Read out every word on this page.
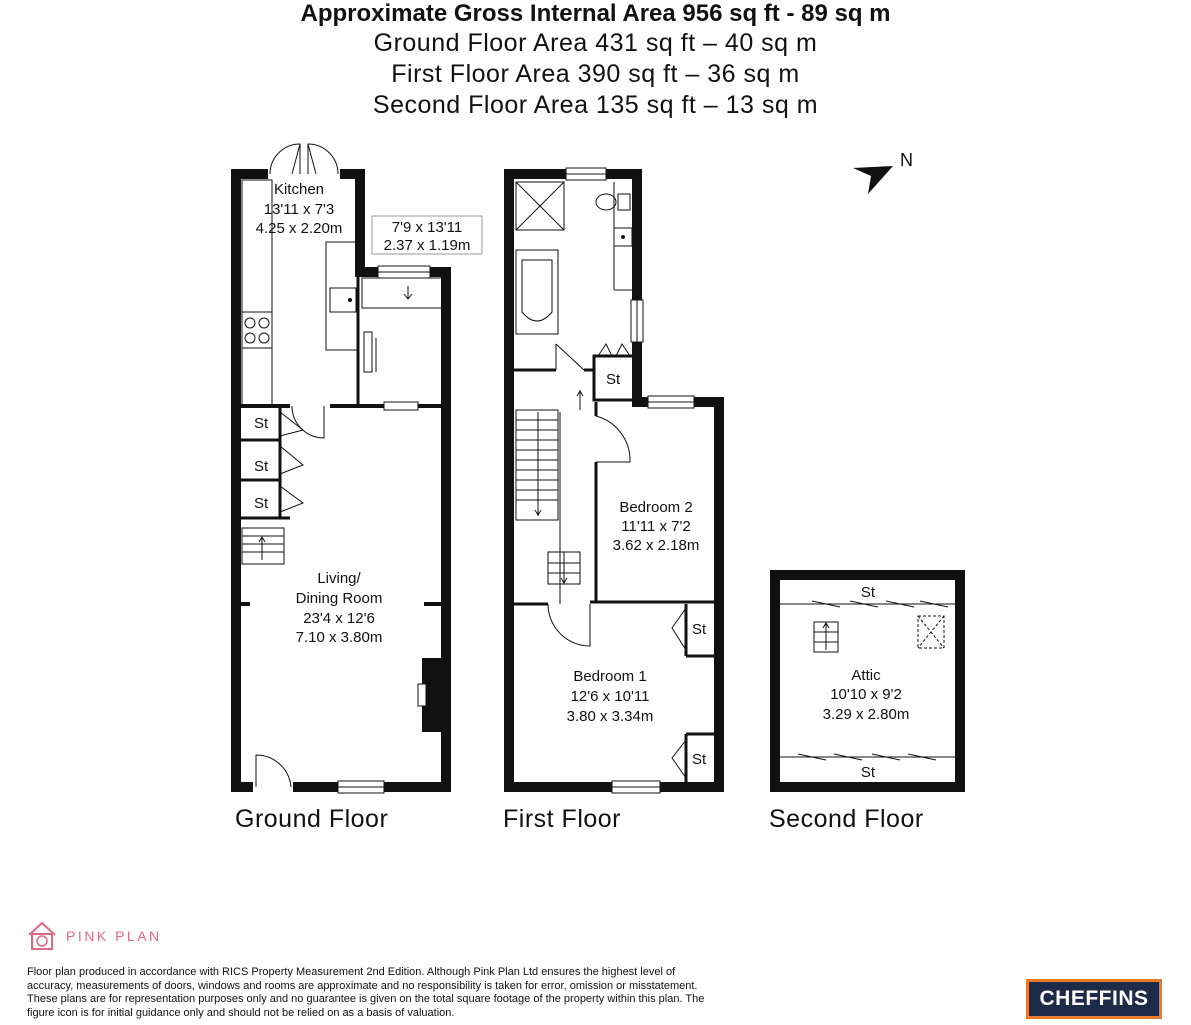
Approximate Gross Internal Area 956 sq ft - 89 sq m
Ground Floor Area 431 sq ft – 40 sq m
First Floor Area 390 sq ft – 36 sq m
Second Floor Area 135 sq ft – 13 sq m
N
Kitchen
13'11 x 7'3
4.25 x 2.20m	7'9 x 13'11
2.37 x 1.19m
St
St
St
Living/
Dining Room
23'4 x 12'6
7.10 x 3.80m
St
St
St
Bedroom 2
11'11 x 7'2
3.62 x 2.18m
Bedroom 1
12'6 x 10'11
3.80 x 3.34m
St
St
Attic
10'10 x 9'2
3.29 x 2.80m
Ground Floor	First Floor	Second Floor
PINK PLAN
Floor plan produced in accordance with RICS Property Measurement 2nd Edition. Although Pink Plan Ltd ensures the highest level of accuracy, measurements of doors, windows and rooms are approximate and no responsibility is taken for error, omission or misstatement. These plans are for representation purposes only and no guarantee is given on the total square footage of the property within this plan. The figure icon is for initial guidance only and should not be relied on as a basis of valuation.
CHEFFINS
